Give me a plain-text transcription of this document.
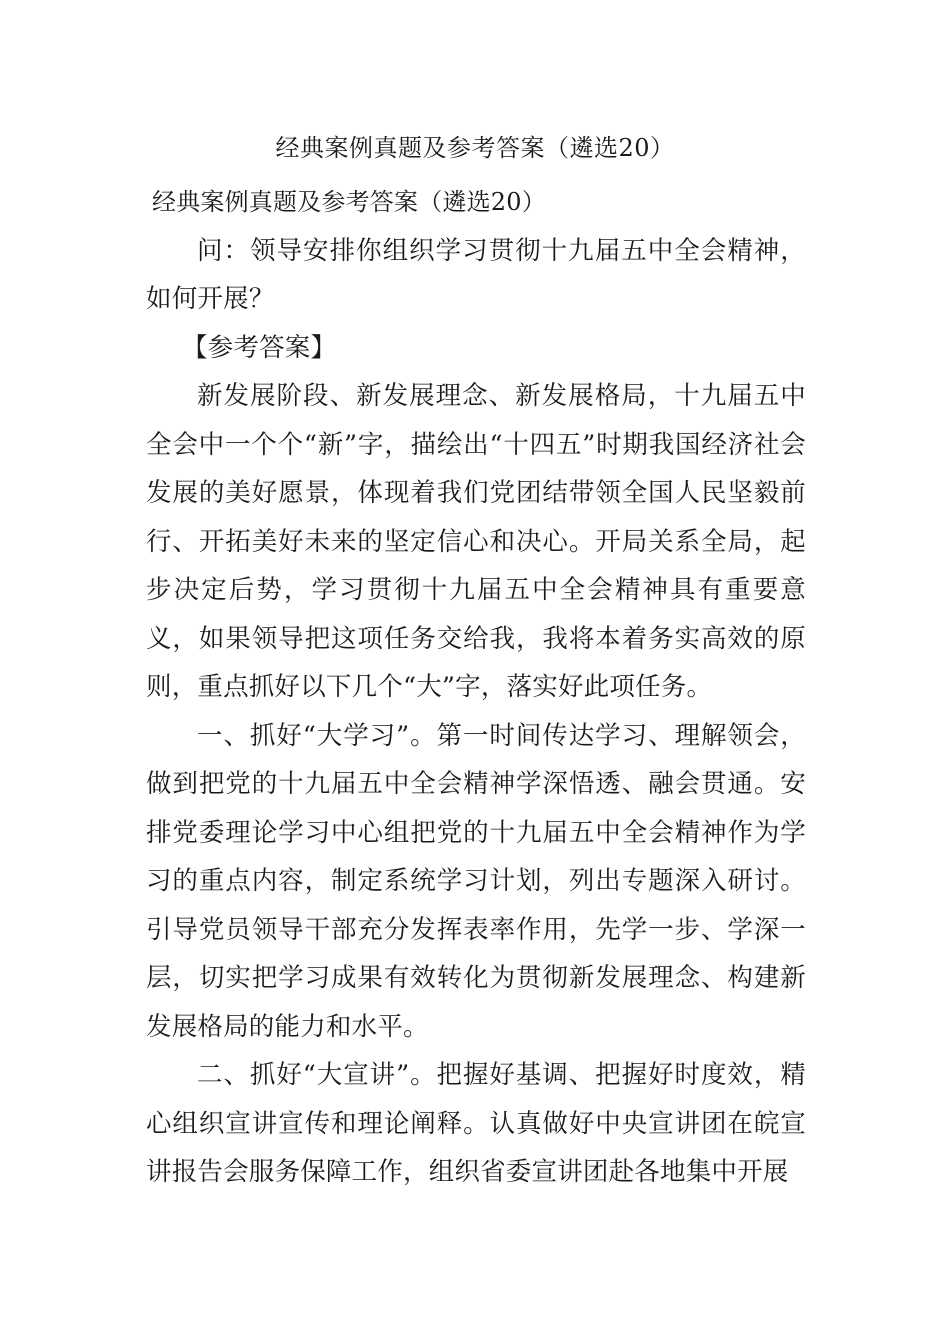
经典案例真题及参考答案（遴选20）

经典案例真题及参考答案（遴选20）

问：领导安排你组织学习贯彻十九届五中全会精神，如何开展？

【参考答案】

新发展阶段、新发展理念、新发展格局，十九届五中全会中一个个“新”字，描绘出“十四五”时期我国经济社会发展的美好愿景，体现着我们党团结带领全国人民坚毅前行、开拓美好未来的坚定信心和决心。开局关系全局，起步决定后势，学习贯彻十九届五中全会精神具有重要意义，如果领导把这项任务交给我，我将本着务实高效的原则，重点抓好以下几个“大”字，落实好此项任务。

一、抓好“大学习”。第一时间传达学习、理解领会，做到把党的十九届五中全会精神学深悟透、融会贯通。安排党委理论学习中心组把党的十九届五中全会精神作为学习的重点内容，制定系统学习计划，列出专题深入研讨。引导党员领导干部充分发挥表率作用，先学一步、学深一层，切实把学习成果有效转化为贯彻新发展理念、构建新发展格局的能力和水平。

二、抓好“大宣讲”。把握好基调、把握好时度效，精心组织宣讲宣传和理论阐释。认真做好中央宣讲团在皖宣讲报告会服务保障工作，组织省委宣讲团赴各地集中开展
